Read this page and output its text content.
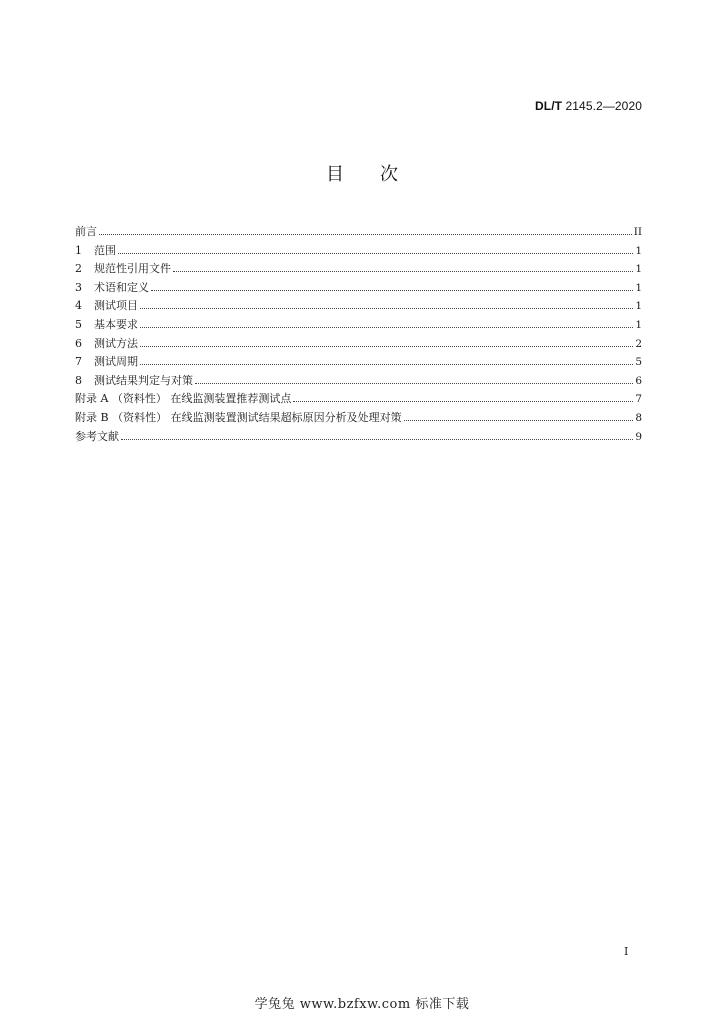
DL/T 2145.2—2020
目次
前言	II
1	范围	1
2	规范性引用文件	1
3	术语和定义	1
4	测试项目	1
5	基本要求	1
6	测试方法	2
7	测试周期	5
8	测试结果判定与对策	6
附录 A （资料性） 在线监测装置推荐测试点	7
附录 B （资料性） 在线监测装置测试结果超标原因分析及处理对策	8
参考文献	9
I
学兔兔 www.bzfxw.com 标准下载
